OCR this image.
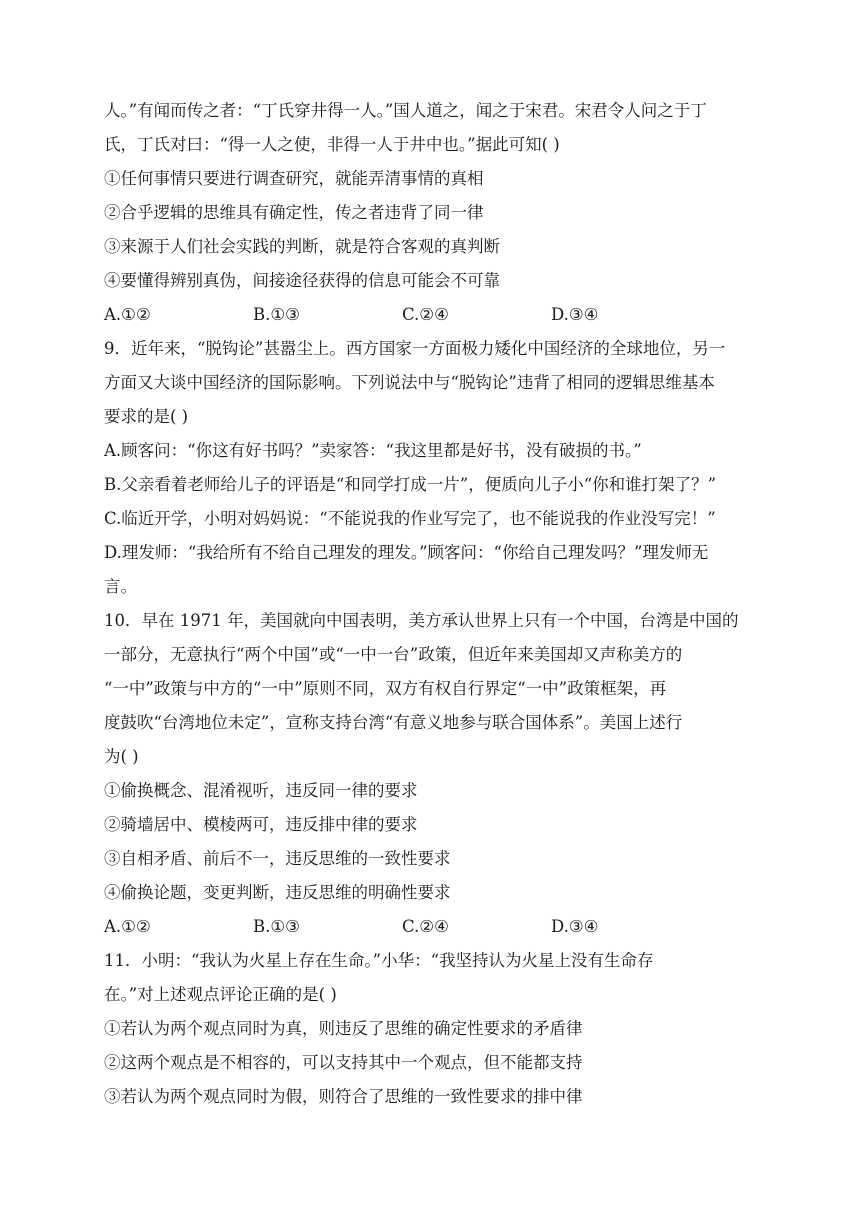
人。”有闻而传之者：“丁氏穿井得一人。”国人道之，闻之于宋君。宋君令人问之于丁
氏，丁氏对曰：“得一人之使，非得一人于井中也。”据此可知( )
①任何事情只要进行调查研究，就能弄清事情的真相
②合乎逻辑的思维具有确定性，传之者违背了同一律
③来源于人们社会实践的判断，就是符合客观的真判断
④要懂得辨别真伪，间接途径获得的信息可能会不可靠
A.①②	B.①③	C.②④	D.③④
9．近年来，“脱钩论”甚嚣尘上。西方国家一方面极力矮化中国经济的全球地位，另一
方面又大谈中国经济的国际影响。下列说法中与“脱钩论”违背了相同的逻辑思维基本
要求的是( )
A.顾客问：“你这有好书吗？”卖家答：“我这里都是好书，没有破损的书。”
B.父亲看着老师给儿子的评语是“和同学打成一片”，便质向儿子小“你和谁打架了？”
C.临近开学，小明对妈妈说：“不能说我的作业写完了，也不能说我的作业没写完！”
D.理发师：“我给所有不给自己理发的理发。”顾客问：“你给自己理发吗？”理发师无
言。
10．早在 1971 年，美国就向中国表明，美方承认世界上只有一个中国，台湾是中国的
一部分，无意执行“两个中国”或“一中一台”政策，但近年来美国却又声称美方的
“一中”政策与中方的“一中”原则不同，双方有权自行界定“一中”政策框架，再
度鼓吹“台湾地位未定”，宣称支持台湾“有意义地参与联合国体系”。美国上述行
为( )
①偷换概念、混淆视听，违反同一律的要求
②骑墙居中、模棱两可，违反排中律的要求
③自相矛盾、前后不一，违反思维的一致性要求
④偷换论题，变更判断，违反思维的明确性要求
A.①②	B.①③	C.②④	D.③④
11．小明：“我认为火星上存在生命。”小华：“我坚持认为火星上没有生命存
在。”对上述观点评论正确的是( )
①若认为两个观点同时为真，则违反了思维的确定性要求的矛盾律
②这两个观点是不相容的，可以支持其中一个观点，但不能都支持
③若认为两个观点同时为假，则符合了思维的一致性要求的排中律
